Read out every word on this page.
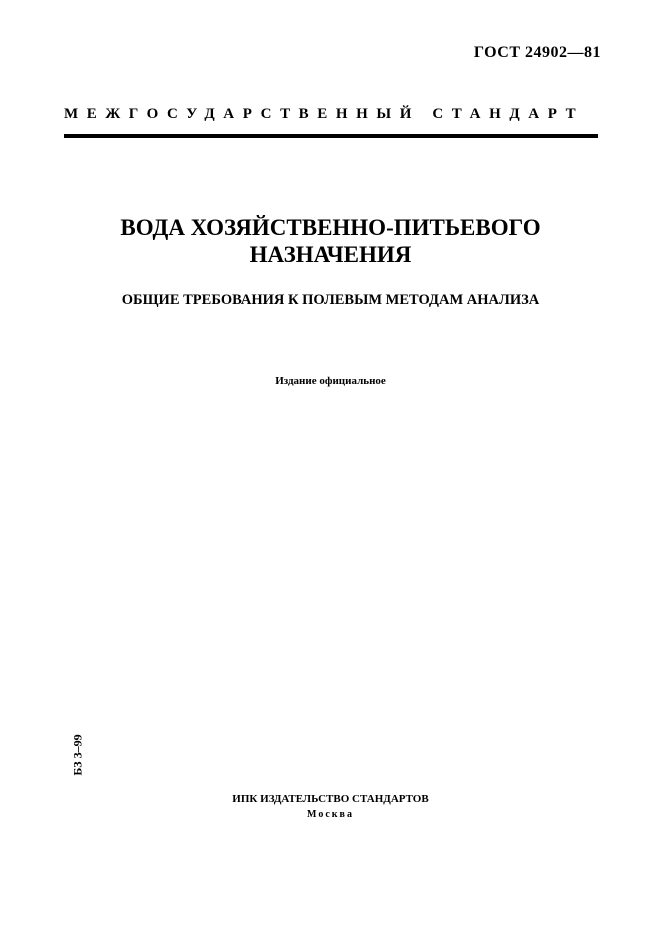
ГОСТ 24902—81
МЕЖГОСУДАРСТВЕННЫЙ СТАНДАРТ
ВОДА ХОЗЯЙСТВЕННО-ПИТЬЕВОГО
НАЗНАЧЕНИЯ
ОБЩИЕ ТРЕБОВАНИЯ К ПОЛЕВЫМ МЕТОДАМ АНАЛИЗА
Издание официальное
БЗ 3–99
ИПК ИЗДАТЕЛЬСТВО СТАНДАРТОВ
Москва
